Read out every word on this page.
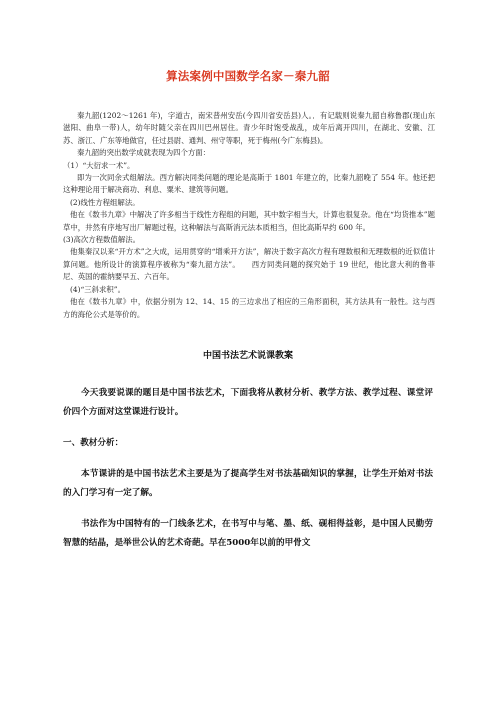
算法案例中国数学名家－秦九韶

秦九韶(1202～1261 年)，字道古，南宋普州安岳(今四川省安岳县)人。．有记载则说秦九韶自称鲁郡(现山东滋阳、曲阜一带)人，幼年时随父亲在四川巴州居住。青少年时饱受战乱，成年后离开四川，在湖北、安徽、江苏、浙江、广东等地做官，任过县尉、通判、州守等职，死于梅州(今广东梅县)。

秦九韶的突出数学成就表现为四个方面：

（1）“大衍求一术”。

即为一次同余式组解法。西方解决同类问题的理论是高斯于 1801 年建立的，比秦九韶晚了 554 年。他还把这种理论用于解决商功、利息、粟米、建筑等问题。

(2)线性方程组解法。

他在《数书九章》中解决了许多相当于线性方程组的问题，其中数字相当大，计算也很复杂。他在“均货推本”题草中，井然有序地写出厂解题过程，这种解法与高斯消元法本质相当，但比高斯早约 600 年。

(3)高次方程数值解法。

他集秦汉以来“开方术”之大成，运用贯穿的“增乘开方法”，解决于数字高次方程有理数根和无理数根的近似值计算问题。他所设计的演算程序被称为“秦九韶方法”。　　西方同类问题的探究始于 19 世纪，他比意大利的鲁菲尼、英国的霍纳要早五、六百年。

(4)“三斜求积”。

他在《数书九章》中，依据分别为 12、14、15 的三边求出了相应的三角形面积，其方法具有一般性。这与西方的海伦公式是等价的。

中国书法艺术说课教案

今天我要说课的题目是中国书法艺术，下面我将从教材分析、教学方法、教学过程、课堂评价四个方面对这堂课进行设计。

一、教材分析：

本节课讲的是中国书法艺术主要是为了提高学生对书法基础知识的掌握，让学生开始对书法的入门学习有一定了解。

书法作为中国特有的一门线条艺术，在书写中与笔、墨、纸、砚相得益彰，是中国人民勤劳智慧的结晶，是举世公认的艺术奇葩。早在5000年以前的甲骨文
